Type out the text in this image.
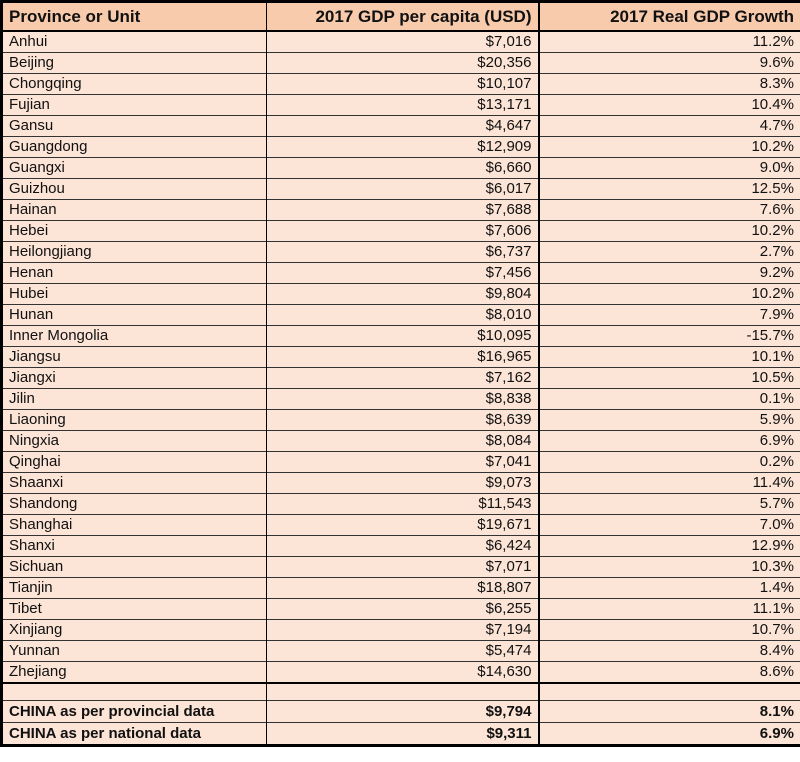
Province or Unit	2017 GDP per capita (USD)	2017 Real GDP Growth
Anhui	$7,016	11.2%
Beijing	$20,356	9.6%
Chongqing	$10,107	8.3%
Fujian	$13,171	10.4%
Gansu	$4,647	4.7%
Guangdong	$12,909	10.2%
Guangxi	$6,660	9.0%
Guizhou	$6,017	12.5%
Hainan	$7,688	7.6%
Hebei	$7,606	10.2%
Heilongjiang	$6,737	2.7%
Henan	$7,456	9.2%
Hubei	$9,804	10.2%
Hunan	$8,010	7.9%
Inner Mongolia	$10,095	-15.7%
Jiangsu	$16,965	10.1%
Jiangxi	$7,162	10.5%
Jilin	$8,838	0.1%
Liaoning	$8,639	5.9%
Ningxia	$8,084	6.9%
Qinghai	$7,041	0.2%
Shaanxi	$9,073	11.4%
Shandong	$11,543	5.7%
Shanghai	$19,671	7.0%
Shanxi	$6,424	12.9%
Sichuan	$7,071	10.3%
Tianjin	$18,807	1.4%
Tibet	$6,255	11.1%
Xinjiang	$7,194	10.7%
Yunnan	$5,474	8.4%
Zhejiang	$14,630	8.6%

CHINA as per provincial data	$9,794	8.1%
CHINA as per national data	$9,311	6.9%
